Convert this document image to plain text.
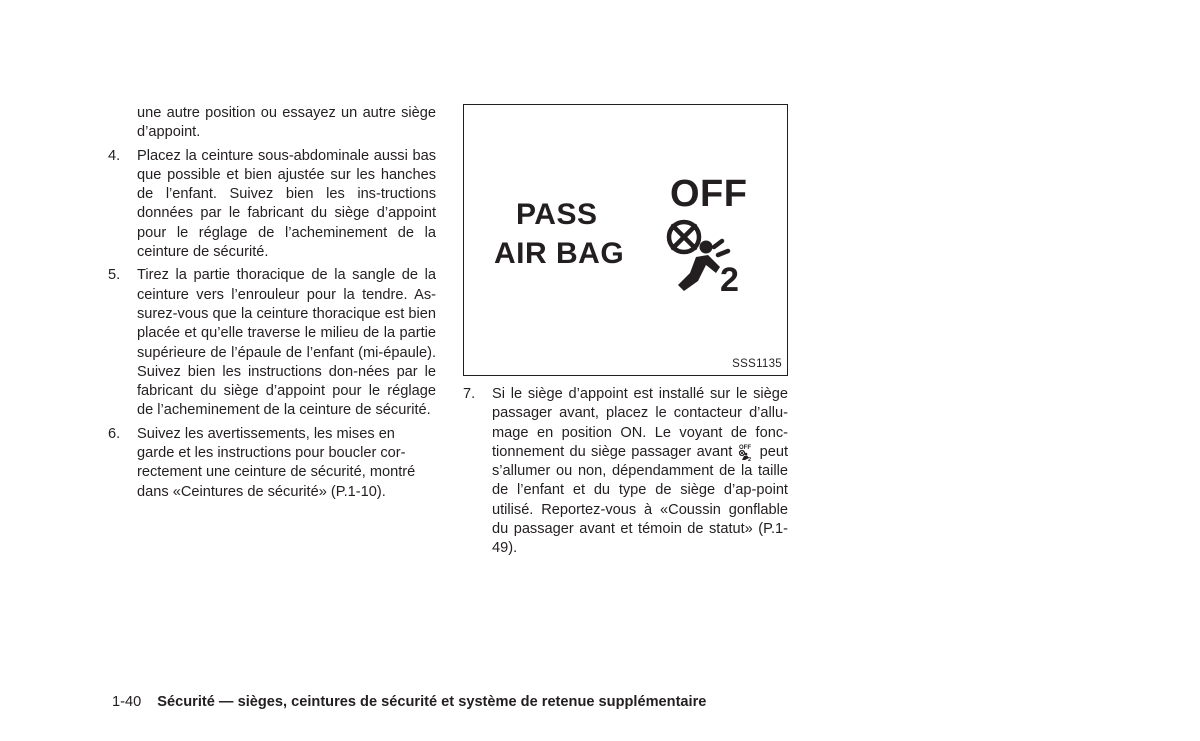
une autre position ou essayez un autre siège d’appoint.

4.	Placez la ceinture sous-abdominale aussi bas que possible et bien ajustée sur les hanches de l’enfant. Suivez bien les ins-tructions données par le fabricant du siège d’appoint pour le réglage de l’acheminement de la ceinture de sécurité.
5.	Tirez la partie thoracique de la sangle de la ceinture vers l’enrouleur pour la tendre. As-surez-vous que la ceinture thoracique est bien placée et qu’elle traverse le milieu de la partie supérieure de l’épaule de l’enfant (mi-épaule). Suivez bien les instructions don-nées par le fabricant du siège d’appoint pour le réglage de l’acheminement de la ceinture de sécurité.
6.	Suivez les avertissements, les mises en garde et les instructions pour boucler cor-rectement une ceinture de sécurité, montré dans «Ceintures de sécurité» (P.1-10).
PASS
AIR BAG
OFF
2
SSS1135
7.	Si le siège d’appoint est installé sur le siège passager avant, placez le contacteur d’allu-mage en position ON. Le voyant de fonc-tionnement du siège passager avant OFF
2 peut s’allumer ou non, dépendamment de la taille de l’enfant et du type de siège d’ap-point utilisé. Reportez-vous à «Coussin gonflable du passager avant et témoin de statut» (P.1-49).
1-40 Sécurité — sièges, ceintures de sécurité et système de retenue supplémentaire
